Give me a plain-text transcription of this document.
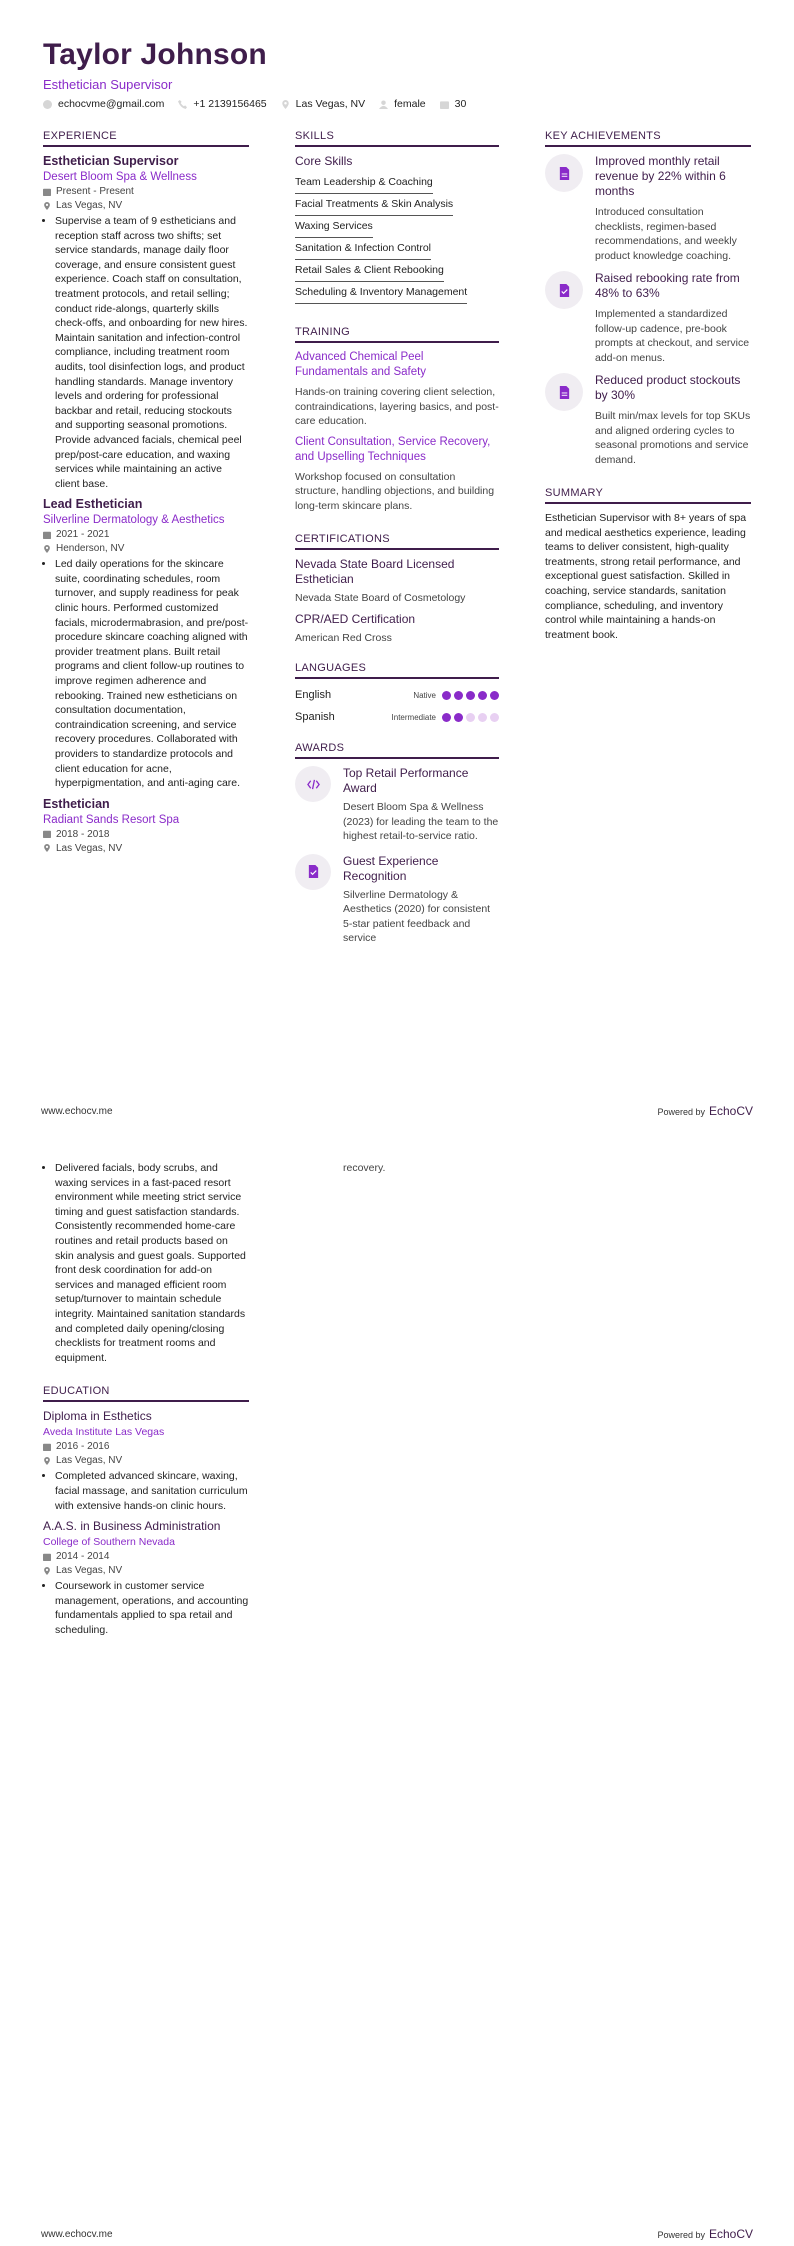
Taylor Johnson
Esthetician Supervisor
echocvme@gmail.com	+1 2139156465	Las Vegas, NV	female	30
EXPERIENCE
Esthetician Supervisor
Desert Bloom Spa & Wellness
Present - Present
Las Vegas, NV
• Supervise a team of 9 estheticians and reception staff across two shifts; set service standards, manage daily floor coverage, and ensure consistent guest experience. Coach staff on consultation, treatment protocols, and retail selling; conduct ride-alongs, quarterly skills check-offs, and onboarding for new hires. Maintain sanitation and infection-control compliance, including treatment room audits, tool disinfection logs, and product handling standards. Manage inventory levels and ordering for professional backbar and retail, reducing stockouts and supporting seasonal promotions. Provide advanced facials, chemical peel prep/post-care education, and waxing services while maintaining an active client base.
Lead Esthetician
Silverline Dermatology & Aesthetics
2021 - 2021
Henderson, NV
• Led daily operations for the skincare suite, coordinating schedules, room turnover, and supply readiness for peak clinic hours. Performed customized facials, microdermabrasion, and pre/post-procedure skincare coaching aligned with provider treatment plans. Built retail programs and client follow-up routines to improve regimen adherence and rebooking. Trained new estheticians on consultation documentation, contraindication screening, and service recovery procedures. Collaborated with providers to standardize protocols and client education for acne, hyperpigmentation, and anti-aging care.
Esthetician
Radiant Sands Resort Spa
2018 - 2018
Las Vegas, NV
SKILLS
Core Skills
Team Leadership & Coaching
Facial Treatments & Skin Analysis
Waxing Services
Sanitation & Infection Control
Retail Sales & Client Rebooking
Scheduling & Inventory Management
TRAINING
Advanced Chemical Peel Fundamentals and Safety
Hands-on training covering client selection, contraindications, layering basics, and post-care education.
Client Consultation, Service Recovery, and Upselling Techniques
Workshop focused on consultation structure, handling objections, and building long-term skincare plans.
CERTIFICATIONS
Nevada State Board Licensed Esthetician
Nevada State Board of Cosmetology
CPR/AED Certification
American Red Cross
LANGUAGES
English	Native
Spanish	Intermediate
AWARDS
Top Retail Performance Award
Desert Bloom Spa & Wellness (2023) for leading the team to the highest retail-to-service ratio.
Guest Experience Recognition
Silverline Dermatology & Aesthetics (2020) for consistent 5-star patient feedback and service
KEY ACHIEVEMENTS
Improved monthly retail revenue by 22% within 6 months
Introduced consultation checklists, regimen-based recommendations, and weekly product knowledge coaching.
Raised rebooking rate from 48% to 63%
Implemented a standardized follow-up cadence, pre-book prompts at checkout, and service add-on menus.
Reduced product stockouts by 30%
Built min/max levels for top SKUs and aligned ordering cycles to seasonal promotions and service demand.
SUMMARY
Esthetician Supervisor with 8+ years of spa and medical aesthetics experience, leading teams to deliver consistent, high-quality treatments, strong retail performance, and exceptional guest satisfaction. Skilled in coaching, service standards, sanitation compliance, scheduling, and inventory control while maintaining a hands-on treatment book.
www.echocv.me	Powered by EchoCV
• Delivered facials, body scrubs, and waxing services in a fast-paced resort environment while meeting strict service timing and guest satisfaction standards. Consistently recommended home-care routines and retail products based on skin analysis and guest goals. Supported front desk coordination for add-on services and managed efficient room setup/turnover to maintain schedule integrity. Maintained sanitation standards and completed daily opening/closing checklists for treatment rooms and equipment.
EDUCATION
Diploma in Esthetics
Aveda Institute Las Vegas
2016 - 2016
Las Vegas, NV
• Completed advanced skincare, waxing, facial massage, and sanitation curriculum with extensive hands-on clinic hours.
A.A.S. in Business Administration
College of Southern Nevada
2014 - 2014
Las Vegas, NV
• Coursework in customer service management, operations, and accounting fundamentals applied to spa retail and scheduling.
recovery.
www.echocv.me	Powered by EchoCV
